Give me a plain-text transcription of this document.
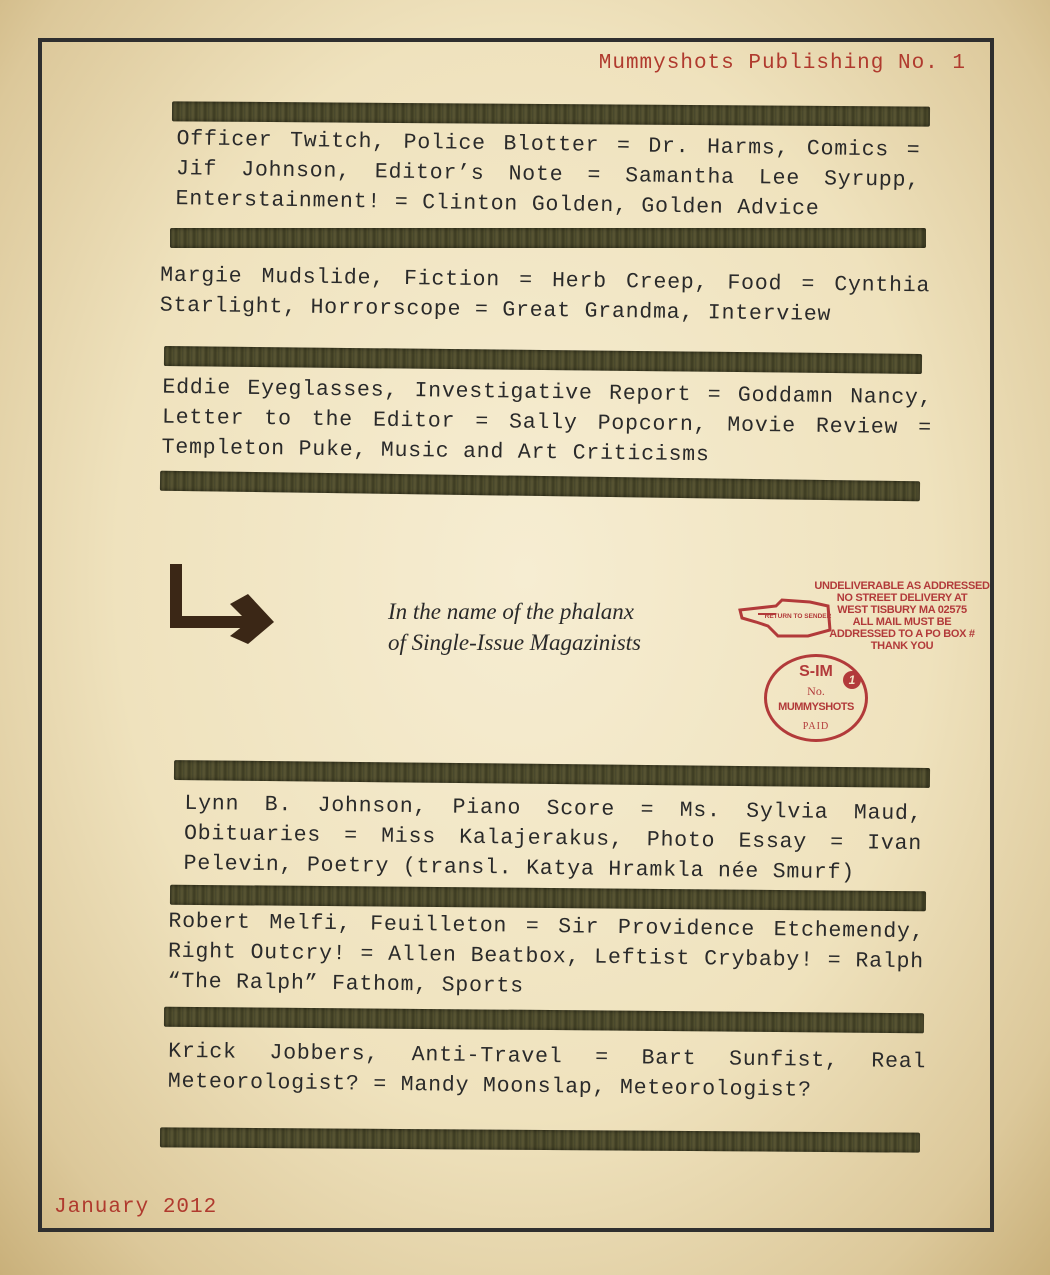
Mummyshots Publishing No. 1

Officer Twitch, Police Blotter = Dr. Harms, Comics = Jif Johnson, Editor’s Note = Samantha Lee Syrupp, Enterstainment! = Clinton Golden, Golden Advice

Margie Mudslide, Fiction = Herb Creep, Food = Cynthia Starlight, Horrorscope = Great Grandma, Interview

Eddie Eyeglasses, Investigative Report = Goddamn Nancy, Letter to the Editor = Sally Popcorn, Movie Review = Templeton Puke, Music and Art Criticisms

Lynn B. Johnson, Piano Score = Ms. Sylvia Maud, Obituaries = Miss Kalajerakus, Photo Essay = Ivan Pelevin, Poetry (transl. Katya Hramkla née Smurf)

Robert Melfi, Feuilleton = Sir Providence Etchemendy, Right Outcry! = Allen Beatbox, Leftist Crybaby! = Ralph “The Ralph” Fathom, Sports

Krick Jobbers, Anti-Travel = Bart Sunfist, Real Meteorologist? = Mandy Moonslap, Meteorologist?

In the name of the phalanx
of Single-Issue Magazinists
RETURN TO SENDER
UNDELIVERABLE AS ADDRESSED
NO STREET DELIVERY AT
WEST TISBURY MA 02575
ALL MAIL MUST BE
ADDRESSED TO A PO BOX #
THANK YOU
S-IM	1
No.
MUMMYSHOTS
PAID
January 2012
